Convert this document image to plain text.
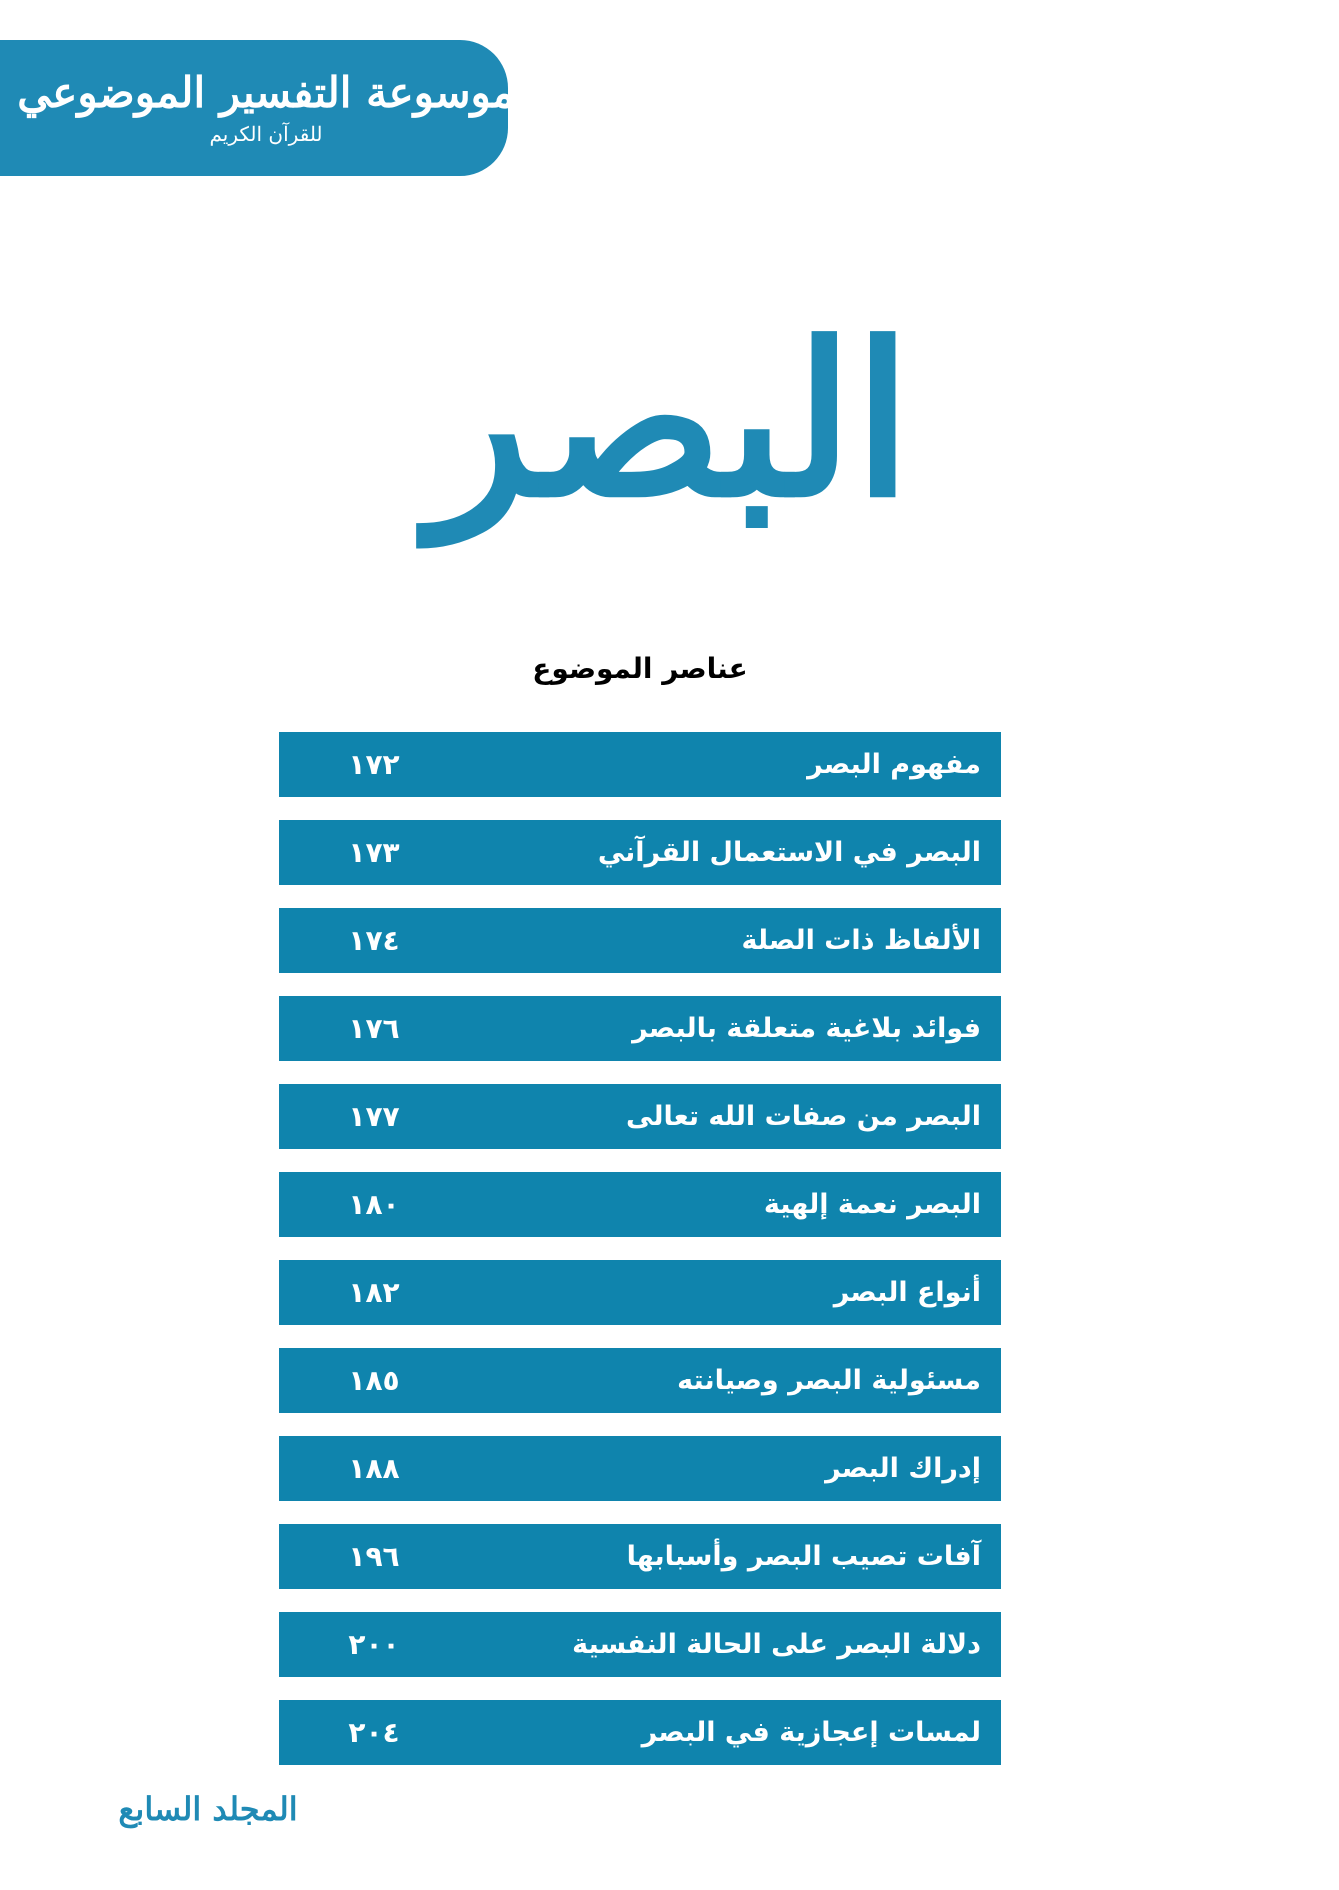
موسوعة التفسير الموضوعي
للقرآن الكريم
البصر
عناصر الموضوع
مفهوم البصر
١٧٢
البصر في الاستعمال القرآني
١٧٣
الألفاظ ذات الصلة
١٧٤
فوائد بلاغية متعلقة بالبصر
١٧٦
البصر من صفات الله تعالى
١٧٧
البصر نعمة إلهية
١٨٠
أنواع البصر
١٨٢
مسئولية البصر وصيانته
١٨٥
إدراك البصر
١٨٨
آفات تصيب البصر وأسبابها
١٩٦
دلالة البصر على الحالة النفسية
٢٠٠
لمسات إعجازية في البصر
٢٠٤
المجلد السابع
